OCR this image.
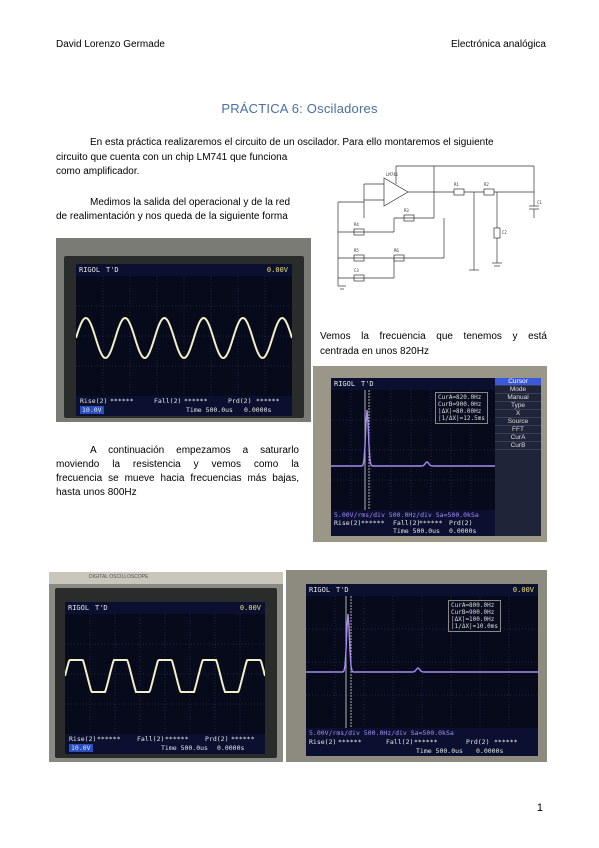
David Lorenzo Germade	Electrónica analógica
PRÁCTICA 6: Osciladores
En esta práctica realizaremos el circuito de un oscilador. Para ello montaremos el siguiente
circuito que cuenta con un chip LM741 que funciona
como amplificador.
Medimos la salida del operacional y de la red
de realimentación y nos queda de la siguiente forma
LM741
R1	R2
R3
R4
R5	R6
C1
C2
C3
RIGOL T'D	0.00V
Rise(2) ******	Fall(2) ******	Prd(2) ******
10.0V	Time 500.0us 0.0000s
Vemos la frecuencia que tenemos y está
centrada en unos 820Hz
RIGOL T'D
CurA=820.0Hz
CurB=900.0Hz
|ΔX|=80.00Hz
|1/ΔX|=12.5ms
Cursor
Mode
Manual
Type
X
Source
FFT
CurA
CurB
5.00V/rms/div 500.0Hz/div Sa=500.0kSa
Rise(2) ****** Fall(2)
****** Prd(2)
Time 500.0us 0.0000s
A continuación empezamos a saturarlo
moviendo la resistencia y vemos como la
frecuencia se mueve hacia frecuencias más bajas,
hasta unos 800Hz
DIGITAL OSCILLOSCOPE
RIGOL T'D	0.00V
Rise(2) ******	Fall(2) ******	Prd(2) ******
10.0V	Time 500.0us 0.0000s
RIGOL T'D	0.00V
CurA=800.0Hz
CurB=900.0Hz
|ΔX|=100.0Hz
|1/ΔX|=10.0ms
5.00V/rms/div 500.0Hz/div Sa=500.0kSa
Rise(2) ******	Fall(2) ******	Prd(2) ******
Time 500.0us 0.0000s
1
